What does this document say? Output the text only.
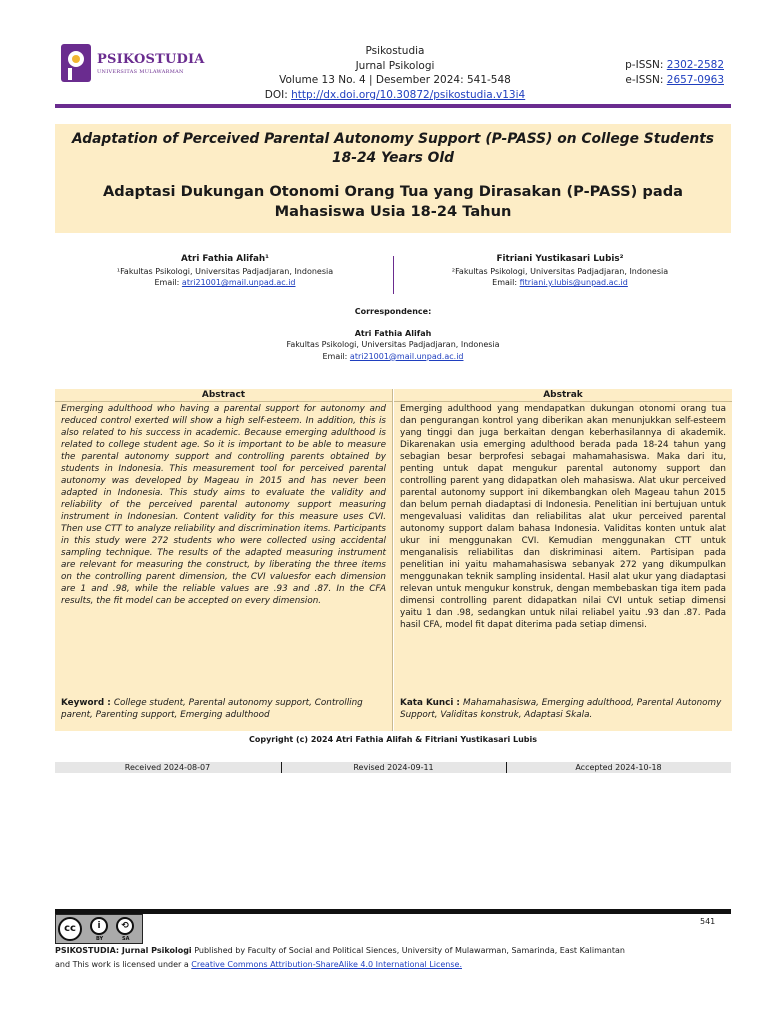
PSIKOSTUDIA
UNIVERSITAS MULAWARMAN
Psikostudia
Jurnal Psikologi
Volume 13 No. 4 | Desember 2024: 541-548
DOI: http://dx.doi.org/10.30872/psikostudia.v13i4
p-ISSN: 2302-2582
e-ISSN: 2657-0963
Adaptation of Perceived Parental Autonomy Support (P-PASS) on College Students 18-24 Years Old
Adaptasi Dukungan Otonomi Orang Tua yang Dirasakan (P-PASS) pada Mahasiswa Usia 18-24 Tahun
Atri Fathia Alifah¹
¹Fakultas Psikologi, Universitas Padjadjaran, Indonesia
Email: atri21001@mail.unpad.ac.id
Fitriani Yustikasari Lubis²
²Fakultas Psikologi, Universitas Padjadjaran, Indonesia
Email: fitriani.y.lubis@unpad.ac.id
Correspondence:
Atri Fathia Alifah
Fakultas Psikologi, Universitas Padjadjaran, Indonesia
Email: atri21001@mail.unpad.ac.id
Abstract
Emerging adulthood who having a parental support for autonomy and reduced control exerted will show a high self-esteem. In addition, this is also related to his success in academic. Because emerging adulthood is related to college student age. So it is important to be able to measure the parental autonomy support and controlling parents obtained by students in Indonesia. This measurement tool for perceived parental autonomy was developed by Mageau in 2015 and has never been adapted in Indonesia. This study aims to evaluate the validity and reliability of the perceived parental autonomy support measuring instrument in Indonesian. Content validity for this measure uses CVI. Then use CTT to analyze reliability and discrimination items. Participants in this study were 272 students who were collected using accidental sampling technique. The results of the adapted measuring instrument are relevant for measuring the construct, by liberating the three items on the controlling parent dimension, the CVI valuesfor each dimension are 1 and .98, while the reliable values are .93 and .87. In the CFA results, the fit model can be accepted on every dimension.
Keyword : College student, Parental autonomy support, Controlling parent, Parenting support, Emerging adulthood
Abstrak
Emerging adulthood yang mendapatkan dukungan otonomi orang tua dan pengurangan kontrol yang diberikan akan menunjukkan self-esteem yang tinggi dan juga berkaitan dengan keberhasilannya di akademik. Dikarenakan usia emerging adulthood berada pada 18-24 tahun yang sebagian besar berprofesi sebagai mahamahasiswa. Maka dari itu, penting untuk dapat mengukur parental autonomy support dan controlling parent yang didapatkan oleh mahasiswa. Alat ukur perceived parental autonomy support ini dikembangkan oleh Mageau tahun 2015 dan belum pernah diadaptasi di Indonesia. Penelitian ini bertujuan untuk mengevaluasi validitas dan reliabilitas alat ukur perceived parental autonomy support dalam bahasa Indonesia. Validitas konten untuk alat ukur ini menggunakan CVI. Kemudian menggunakan CTT untuk menganalisis reliabilitas dan diskriminasi aitem. Partisipan pada penelitian ini yaitu mahamahasiswa sebanyak 272 yang dikumpulkan menggunakan teknik sampling insidental. Hasil alat ukur yang diadaptasi relevan untuk mengukur konstruk, dengan membebaskan tiga item pada dimensi controlling parent didapatkan nilai CVI untuk setiap dimensi yaitu 1 dan .98, sedangkan untuk nilai reliabel yaitu .93 dan .87. Pada hasil CFA, model fit dapat diterima pada setiap dimensi.
Kata Kunci : Mahamahasiswa, Emerging adulthood, Parental Autonomy Support, Validitas konstruk, Adaptasi Skala.
Copyright (c) 2024 Atri Fathia Alifah & Fitriani Yustikasari Lubis
Received 2024-08-07	Revised 2024-09-11	Accepted 2024-10-18
cc	i	⟲
BY	SA
541
PSIKOSTUDIA: Jurnal Psikologi Published by Faculty of Social and Political Siences, University of Mulawarman, Samarinda, East Kalimantan
and This work is licensed under a Creative Commons Attribution-ShareAlike 4.0 International License.
